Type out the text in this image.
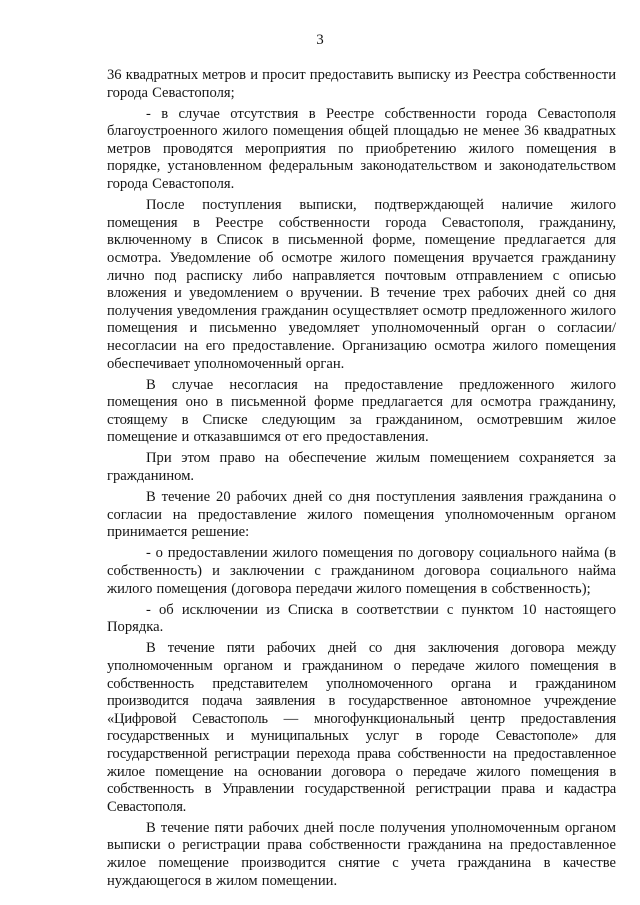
3

36 квадратных метров и просит предоставить выписку из Реестра собственности города Севастополя;

- в случае отсутствия в Реестре собственности города Севастополя благоустроенного жилого помещения общей площадью не менее 36 квадратных метров проводятся мероприятия по приобретению жилого помещения в порядке, установленном федеральным законодательством и законодательством города Севастополя.

После поступления выписки, подтверждающей наличие жилого помещения в Реестре собственности города Севастополя, гражданину, включенному в Список в письменной форме, помещение предлагается для осмотра. Уведомление об осмотре жилого помещения вручается гражданину лично под расписку либо направляется почтовым отправлением с описью вложения и уведомлением о вручении. В течение трех рабочих дней со дня получения уведомления гражданин осуществляет осмотр предложенного жилого помещения и письменно уведомляет уполномоченный орган о согласии/несогласии на его предоставление. Организацию осмотра жилого помещения обеспечивает уполномоченный орган.

В случае несогласия на предоставление предложенного жилого помещения оно в письменной форме предлагается для осмотра гражданину, стоящему в Списке следующим за гражданином, осмотревшим жилое помещение и отказавшимся от его предоставления.

При этом право на обеспечение жилым помещением сохраняется за гражданином.

В течение 20 рабочих дней со дня поступления заявления гражданина о согласии на предоставление жилого помещения уполномоченным органом принимается решение:

- о предоставлении жилого помещения по договору социального найма (в собственность) и заключении с гражданином договора социального найма жилого помещения (договора передачи жилого помещения в собственность);

- об исключении из Списка в соответствии с пунктом 10 настоящего Порядка.

В течение пяти рабочих дней со дня заключения договора между уполномоченным органом и гражданином о передаче жилого помещения в собственность представителем уполномоченного органа и гражданином производится подача заявления в государственное автономное учреждение «Цифровой Севастополь — многофункциональный центр предоставления государственных и муниципальных услуг в городе Севастополе» для государственной регистрации перехода права собственности на предоставленное жилое помещение на основании договора о передаче жилого помещения в собственность в Управлении государственной регистрации права и кадастра Севастополя.

В течение пяти рабочих дней после получения уполномоченным органом выписки о регистрации права собственности гражданина на предоставленное жилое помещение производится снятие с учета гражданина в качестве нуждающегося в жилом помещении.
